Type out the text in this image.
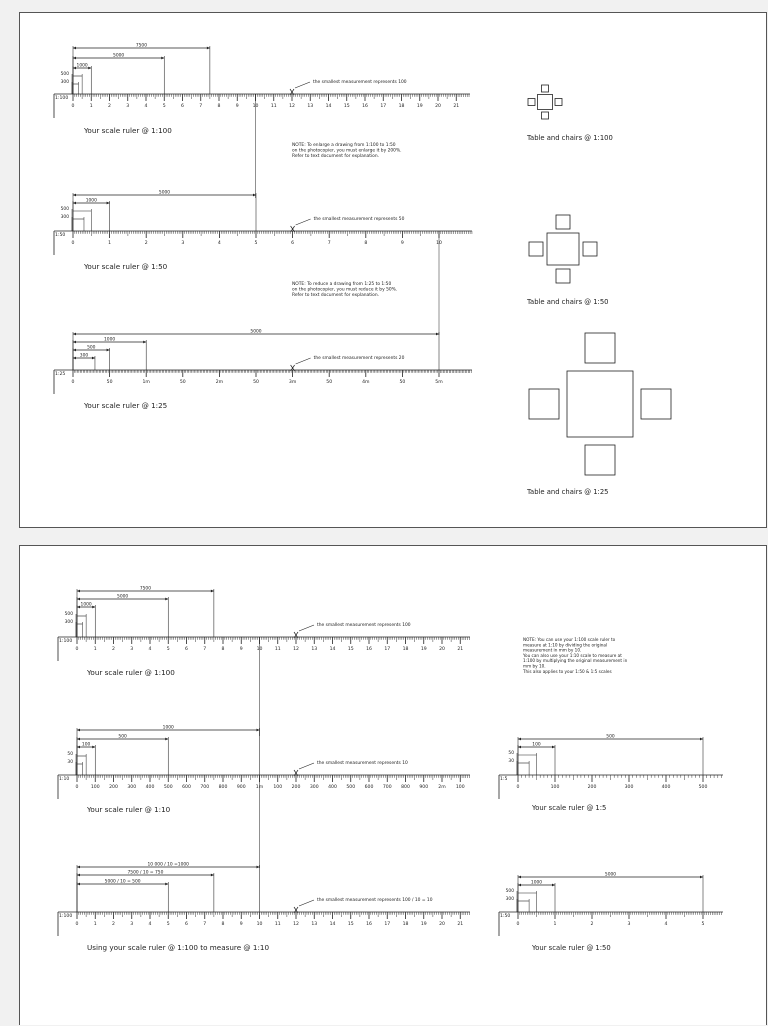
1:100
0	1	2	3	4	5	6	7	8	9	10	11	12	13	14	15	16	17	18	19	20	21
Your scale ruler @ 1:100
7500
5000
1000
500
300	the smallest measurement represents 100
NOTE: To enlarge a drawing from 1:100 to 1:50
on the photocopier, you must enlarge it by 200%.
Refer to text document for explanation.
1:50
0	1	2	3	4	5	6	7	8	9	10
Your scale ruler @ 1:50
5000
1000
500
300	the smallest measurement represents 50
NOTE: To reduce a drawing from 1:25 to 1:50
on the photocopier, you must reduce it by 50%.
Refer to text document for explanation.
1:25
0	50	1m	50	2m	50	3m	50	4m	50	5m
Your scale ruler @ 1:25
5000
1000
500
300	the smallest measurement represents 20
Table and chairs @ 1:100
Table and chairs @ 1:50
Table and chairs @ 1:25
1:100
0	1	2	3	4	5	6	7	8	9	10	11	12	13	14	15	16	17	18	19	20	21
Your scale ruler @ 1:100
7500
5000
1000
500
300
the smallest measurement represents 100
NOTE: You can use your 1:100 scale ruler to
measure at 1:10 by dividing the original
measurement in mm by 10.
You can also use your 1:10 scale to measure at
1:100 by multiplying the original measurement in
mm by 10.
This also applies to your 1:50 & 1:5 scales
1:10
0	100 200 300 400 500 600 700 800 900 1m 100 200 300 400 500 600 700 800 900 2m 100
Your scale ruler @ 1:10
1000
500
100
50
30	the smallest measurement represents 10
1:100
0	1	2	3	4	5	6	7	8	9	10	11	12	13	14	15	16	17	18	19	20	21
Using your scale ruler @ 1:100 to measure @ 1:10
10 000 / 10 =1000
7500 / 10 = 750
5000 / 10 = 500
the smallest measurement represents 100 / 10 = 10
1:5
0	100	200	300	400	500
Your scale ruler @ 1:5
500
100
50
30
1:50
0	1	2	3	4	5
Your scale ruler @ 1:50
5000
1000
500
300
